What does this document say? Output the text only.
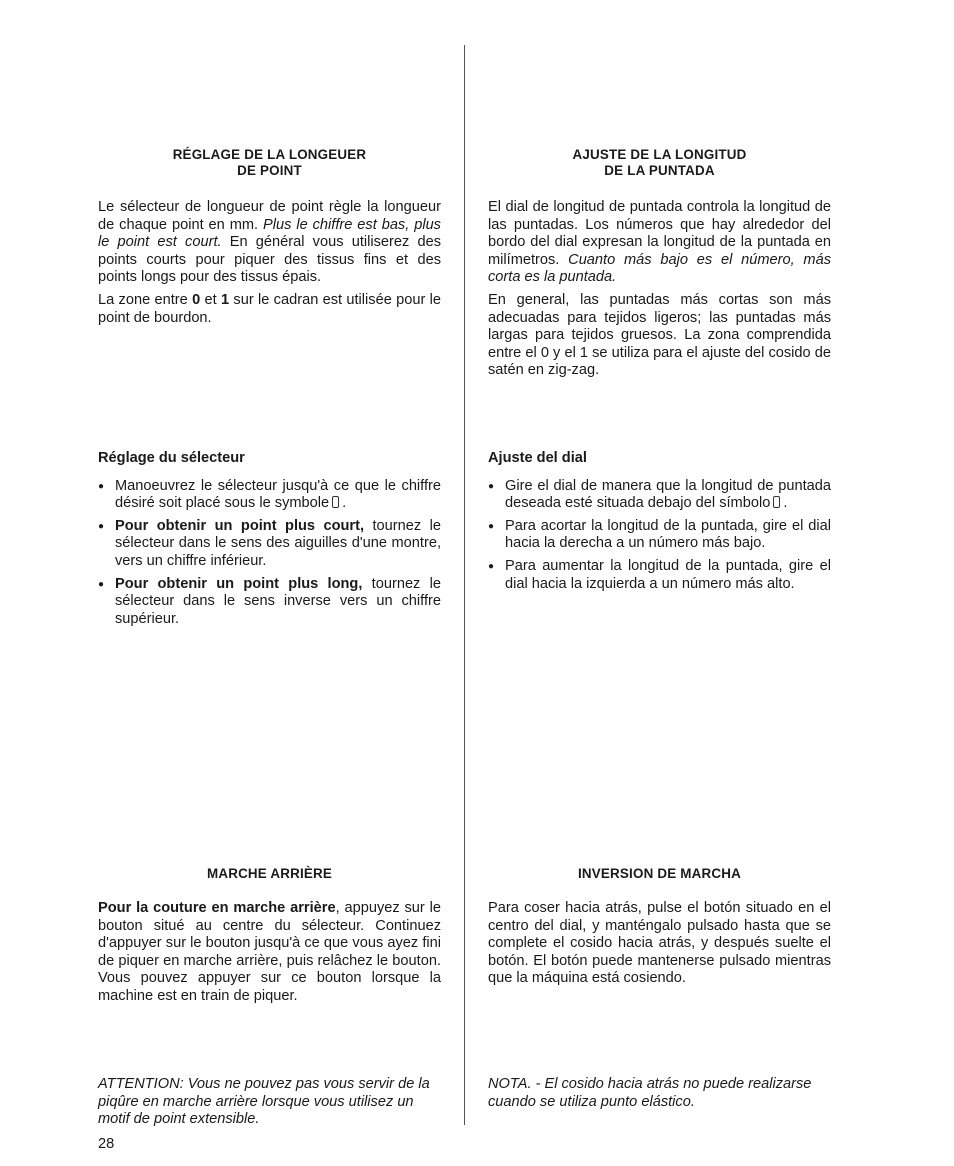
RÉGLAGE DE LA LONGEUER
DE POINT

Le sélecteur de longueur de point règle la longueur de chaque point en mm. Plus le chiffre est bas, plus le point est court. En général vous utiliserez des points courts pour piquer des tissus fins et des points longs pour des tissus épais.

La zone entre 0 et 1 sur le cadran est utilisée pour le point de bourdon.

Réglage du sélecteur
● Manoeuvrez le sélecteur jusqu'à ce que le chiffre désiré soit placé sous le symbole .
● Pour obtenir un point plus court, tournez le sélecteur dans le sens des aiguilles d'une montre, vers un chiffre inférieur.
● Pour obtenir un point plus long, tournez le sélecteur dans le sens inverse vers un chiffre supérieur.
MARCHE ARRIÈRE

Pour la couture en marche arrière, appuyez sur le bouton situé au centre du sélecteur. Continuez d'appuyer sur le bouton jusqu'à ce que vous ayez fini de piquer en marche arrière, puis relâchez le bouton. Vous pouvez appuyer sur ce bouton lorsque la machine est en train de piquer.

ATTENTION: Vous ne pouvez pas vous servir de la piqûre en marche arrière lorsque vous utilisez un motif de point extensible.

28
AJUSTE DE LA LONGITUD
DE LA PUNTADA

El dial de longitud de puntada controla la longitud de las puntadas. Los números que hay alrededor del bordo del dial expresan la longitud de la puntada en milímetros. Cuanto más bajo es el número, más corta es la puntada.

En general, las puntadas más cortas son más adecuadas para tejidos ligeros; las puntadas más largas para tejidos gruesos. La zona comprendida entre el 0 y el 1 se utiliza para el ajuste del cosido de satén en zig-zag.

Ajuste del dial
● Gire el dial de manera que la longitud de puntada deseada esté situada debajo del símbolo .
● Para acortar la longitud de la puntada, gire el dial hacia la derecha a un número más bajo.
● Para aumentar la longitud de la puntada, gire el dial hacia la izquierda a un número más alto.
INVERSION DE MARCHA

Para coser hacia atrás, pulse el botón situado en el centro del dial, y manténgalo pulsado hasta que se complete el cosido hacia atrás, y después suelte el botón. El botón puede mantenerse pulsado mientras que la máquina está cosiendo.

NOTA. - El cosido hacia atrás no puede realizarse cuando se utiliza punto elástico.
